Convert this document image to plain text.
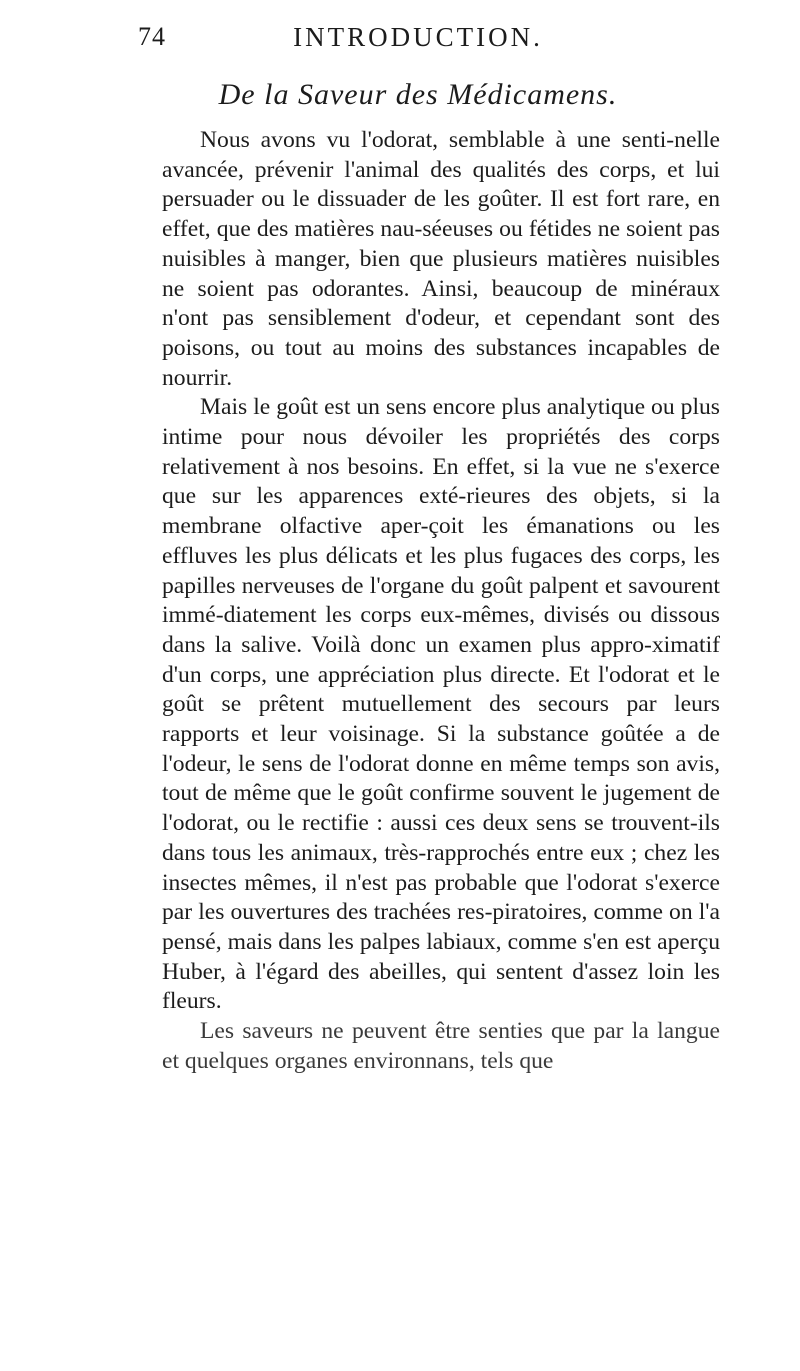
74	INTRODUCTION.
De la Saveur des Médicamens.

Nous avons vu l'odorat, semblable à une senti-nelle avancée, prévenir l'animal des qualités des corps, et lui persuader ou le dissuader de les goûter. Il est fort rare, en effet, que des matières nau-séeuses ou fétides ne soient pas nuisibles à manger, bien que plusieurs matières nuisibles ne soient pas odorantes. Ainsi, beaucoup de minéraux n'ont pas sensiblement d'odeur, et cependant sont des poisons, ou tout au moins des substances incapables de nourrir.

Mais le goût est un sens encore plus analytique ou plus intime pour nous dévoiler les propriétés des corps relativement à nos besoins. En effet, si la vue ne s'exerce que sur les apparences exté-rieures des objets, si la membrane olfactive aper-çoit les émanations ou les effluves les plus délicats et les plus fugaces des corps, les papilles nerveuses de l'organe du goût palpent et savourent immé-diatement les corps eux-mêmes, divisés ou dissous dans la salive. Voilà donc un examen plus appro-ximatif d'un corps, une appréciation plus directe. Et l'odorat et le goût se prêtent mutuellement des secours par leurs rapports et leur voisinage. Si la substance goûtée a de l'odeur, le sens de l'odorat donne en même temps son avis, tout de même que le goût confirme souvent le jugement de l'odorat, ou le rectifie : aussi ces deux sens se trouvent-ils dans tous les animaux, très-rapprochés entre eux ; chez les insectes mêmes, il n'est pas probable que l'odorat s'exerce par les ouvertures des trachées res-piratoires, comme on l'a pensé, mais dans les palpes labiaux, comme s'en est aperçu Huber, à l'égard des abeilles, qui sentent d'assez loin les fleurs.

Les saveurs ne peuvent être senties que par la langue et quelques organes environnans, tels que
